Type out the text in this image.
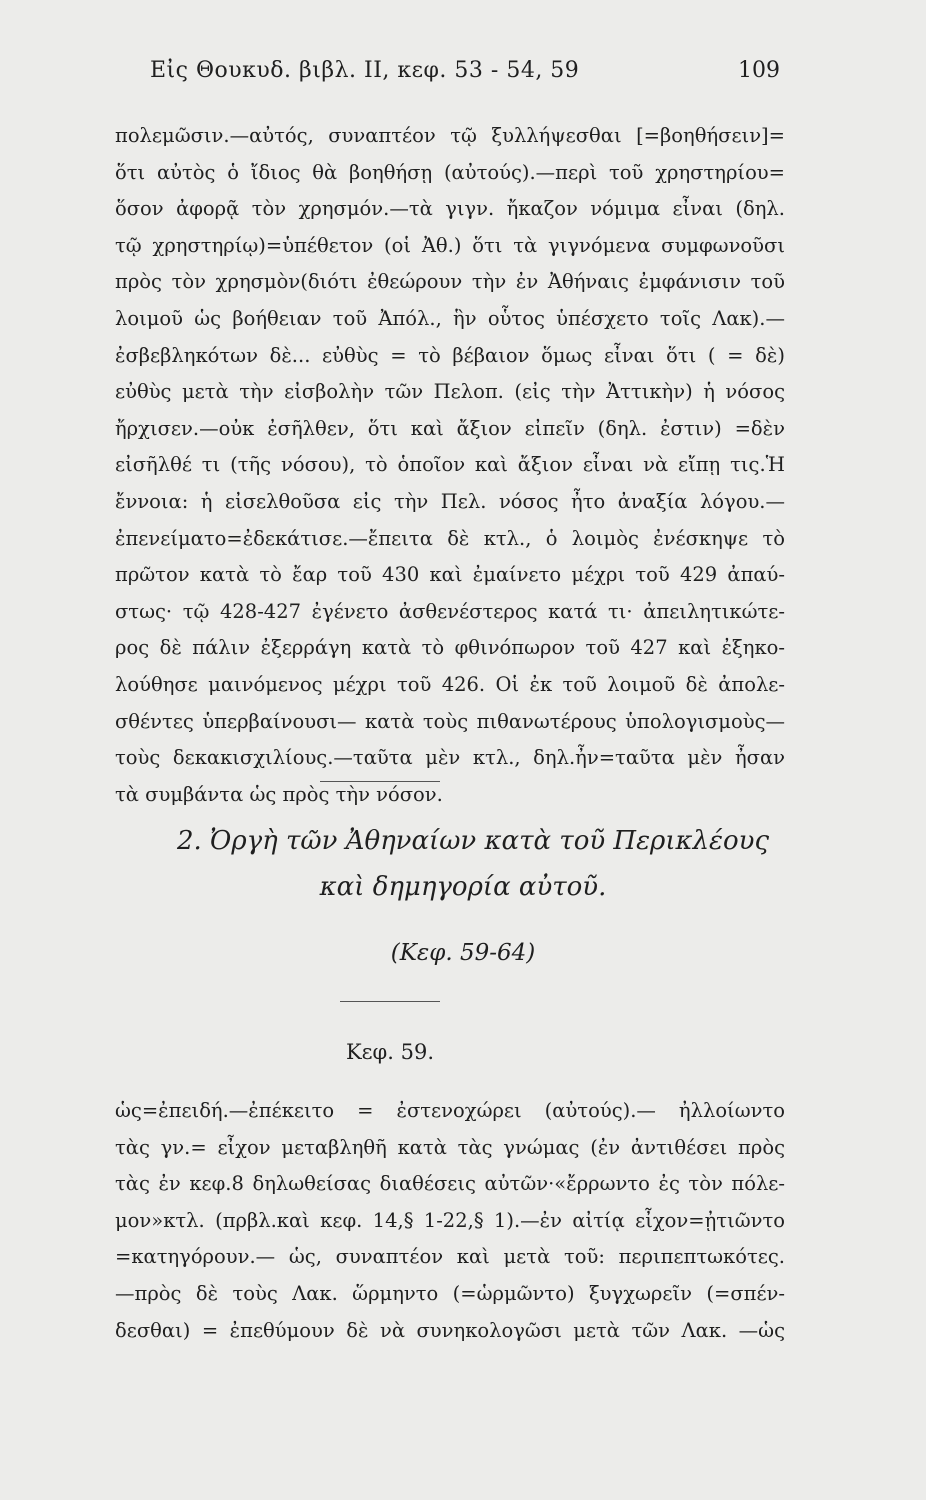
Εἰς Θουκυδ. βιβλ. II, κεφ. 53 - 54, 59	109
πολεμῶσιν.—αὐτός, συναπτέον τῷ ξυλλήψεσθαι [=βοηθήσειν]=
ὅτι αὐτὸς ὁ ἴδιος θὰ βοηθήσῃ (αὐτούς).—περὶ τοῦ χρηστηρίου=
ὅσον ἀφορᾷ τὸν χρησμόν.—τὰ γιγν. ἤκαζον νόμιμα εἶναι (δηλ.
τῷ χρηστηρίῳ)=ὑπέθετον (οἱ Ἀθ.) ὅτι τὰ γιγνόμενα συμφωνοῦσι
πρὸς τὸν χρησμὸν(διότι ἐθεώρουν τὴν ἐν Ἀθήναις ἐμφάνισιν τοῦ
λοιμοῦ ὡς βοήθειαν τοῦ Ἀπόλ., ἣν οὗτος ὑπέσχετο τοῖς Λακ).—
ἐσβεβληκότων δὲ... εὐθὺς = τὸ βέβαιον ὅμως εἶναι ὅτι ( = δὲ)
εὐθὺς μετὰ τὴν εἰσβολὴν τῶν Πελοπ. (εἰς τὴν Ἀττικὴν) ἡ νόσος
ἤρχισεν.—οὐκ ἐσῆλθεν, ὅτι καὶ ἄξιον εἰπεῖν (δηλ. ἐστιν) =δὲν
εἰσῆλθέ τι (τῆς νόσου), τὸ ὁποῖον καὶ ἄξιον εἶναι νὰ εἴπῃ τις.Ἡ
ἔννοια: ἡ εἰσελθοῦσα εἰς τὴν Πελ. νόσος ἦτο ἀναξία λόγου.—
ἐπενείματο=ἐδεκάτισε.—ἔπειτα δὲ κτλ., ὁ λοιμὸς ἐνέσκηψε τὸ
πρῶτον κατὰ τὸ ἔαρ τοῦ 430 καὶ ἐμαίνετο μέχρι τοῦ 429 ἀπαύ-
στως· τῷ 428-427 ἐγένετο ἀσθενέστερος κατά τι· ἀπειλητικώτε-
ρος δὲ πάλιν ἐξερράγη κατὰ τὸ φθινόπωρον τοῦ 427 καὶ ἐξηκο-
λούθησε μαινόμενος μέχρι τοῦ 426. Οἱ ἐκ τοῦ λοιμοῦ δὲ ἀπολε-
σθέντες ὑπερβαίνουσι— κατὰ τοὺς πιθανωτέρους ὑπολογισμοὺς—
τοὺς δεκακισχιλίους.—ταῦτα μὲν κτλ., δηλ.ἦν=ταῦτα μὲν ἦσαν
τὰ συμβάντα ὡς πρὸς τὴν νόσον.
2. Ὀργὴ τῶν Ἀθηναίων κατὰ τοῦ Περικλέους
καὶ δημηγορία αὐτοῦ.
(Κεφ. 59-64)
Κεφ. 59.
ὡς=ἐπειδή.—ἐπέκειτο = ἐστενοχώρει (αὐτούς).— ἠλλοίωντο
τὰς γν.= εἶχον μεταβληθῆ κατὰ τὰς γνώμας (ἐν ἀντιθέσει πρὸς
τὰς ἐν κεφ.8 δηλωθείσας διαθέσεις αὐτῶν·«ἔρρωντο ἐς τὸν πόλε-
μον»κτλ. (πρβλ.καὶ κεφ. 14,§ 1-22,§ 1).—ἐν αἰτίᾳ εἶχον=ᾐτιῶντο
=κατηγόρουν.— ὡς, συναπτέον καὶ μετὰ τοῦ: περιπεπτωκότες.
—πρὸς δὲ τοὺς Λακ. ὥρμηντο (=ὡρμῶντο) ξυγχωρεῖν (=σπέν-
δεσθαι) = ἐπεθύμουν δὲ νὰ συνηκολογῶσι μετὰ τῶν Λακ. —ὡς
